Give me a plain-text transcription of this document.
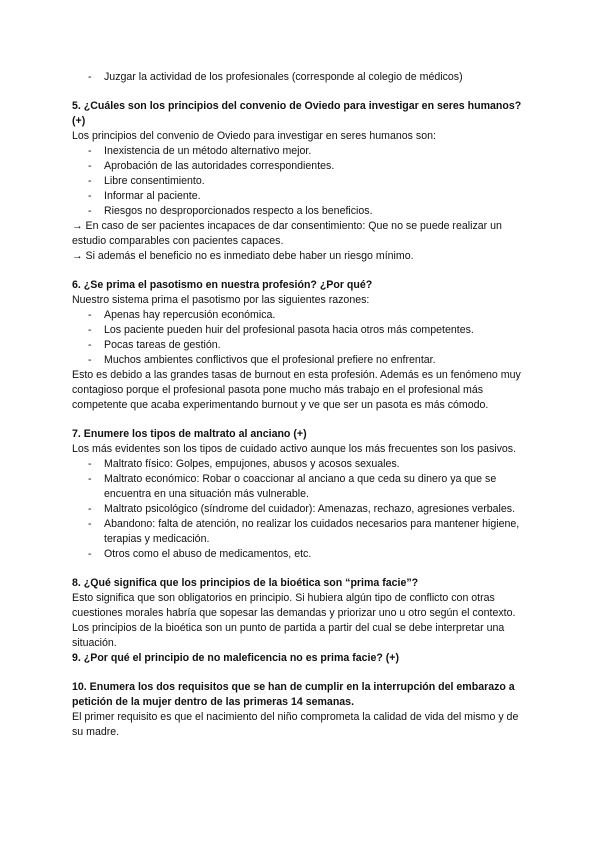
- Juzgar la actividad de los profesionales (corresponde al colegio de médicos)
5. ¿Cuáles son los principios del convenio de Oviedo para investigar en seres humanos? (+)
Los principios del convenio de Oviedo para investigar en seres humanos son:
- Inexistencia de un método alternativo mejor.
- Aprobación de las autoridades correspondientes.
- Libre consentimiento.
- Informar al paciente.
- Riesgos no desproporcionados respecto a los beneficios.
→ En caso de ser pacientes incapaces de dar consentimiento: Que no se puede realizar un estudio comparables con pacientes capaces.
→ Si además el beneficio no es inmediato debe haber un riesgo mínimo.
6. ¿Se prima el pasotismo en nuestra profesión? ¿Por qué?
Nuestro sistema prima el pasotismo por las siguientes razones:
- Apenas hay repercusión económica.
- Los paciente pueden huir del profesional pasota hacia otros más competentes.
- Pocas tareas de gestión.
- Muchos ambientes conflictivos que el profesional prefiere no enfrentar.
Esto es debido a las grandes tasas de burnout en esta profesión. Además es un fenómeno muy contagioso porque el profesional pasota pone mucho más trabajo en el profesional más competente que acaba experimentando burnout y ve que ser un pasota es más cómodo.
7. Enumere los tipos de maltrato al anciano (+)
Los más evidentes son los tipos de cuidado activo aunque los más frecuentes son los pasivos.
- Maltrato físico: Golpes, empujones, abusos y acosos sexuales.
- Maltrato económico: Robar o coaccionar al anciano a que ceda su dinero ya que se encuentra en una situación más vulnerable.
- Maltrato psicológico (síndrome del cuidador): Amenazas, rechazo, agresiones verbales.
- Abandono: falta de atención, no realizar los cuidados necesarios para mantener higiene, terapias y medicación.
- Otros como el abuso de medicamentos, etc.
8. ¿Qué significa que los principios de la bioética son “prima facie”?
Esto significa que son obligatorios en principio. Si hubiera algún tipo de conflicto con otras cuestiones morales habría que sopesar las demandas y priorizar uno u otro según el contexto.
Los principios de la bioética son un punto de partida a partir del cual se debe interpretar una situación.
9. ¿Por qué el principio de no maleficencia no es prima facie? (+)
10. Enumera los dos requisitos que se han de cumplir en la interrupción del embarazo a petición de la mujer dentro de las primeras 14 semanas.
El primer requisito es que el nacimiento del niño comprometa la calidad de vida del mismo y de su madre.
